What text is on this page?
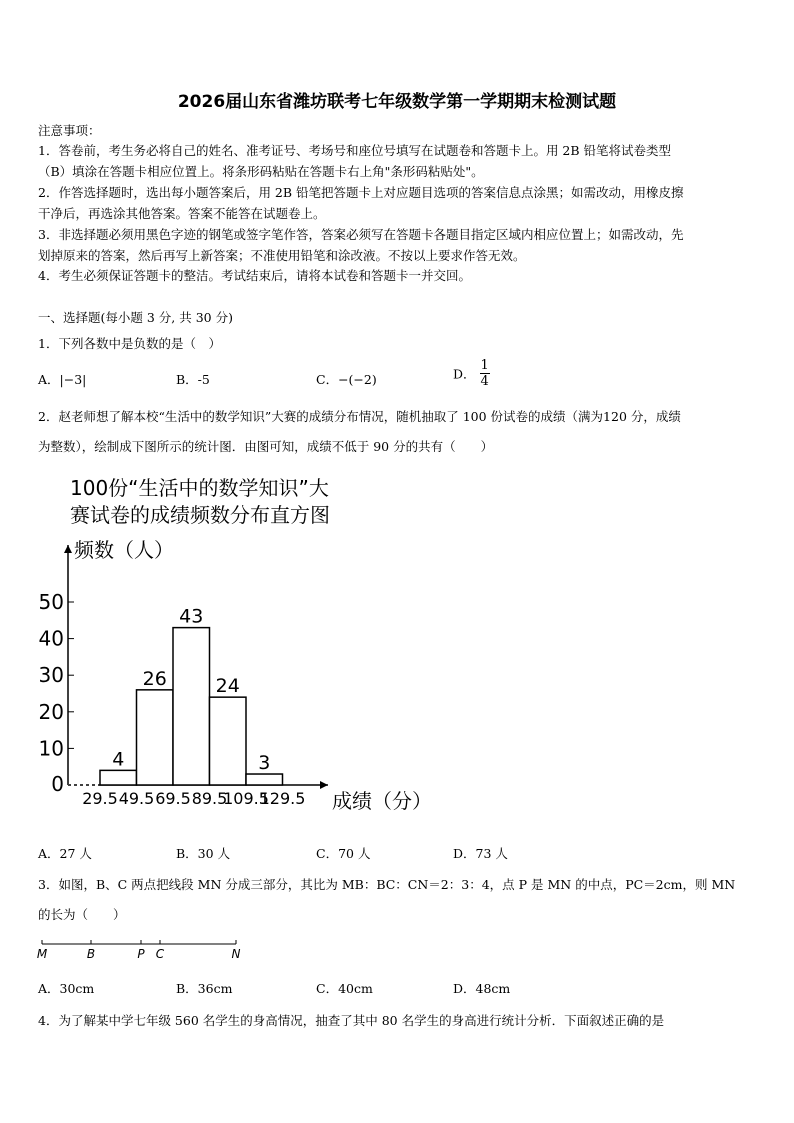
2026届山东省潍坊联考七年级数学第一学期期末检测试题
注意事项：
1．答卷前，考生务必将自己的姓名、准考证号、考场号和座位号填写在试题卷和答题卡上。用 2B 铅笔将试卷类型
（B）填涂在答题卡相应位置上。将条形码粘贴在答题卡右上角"条形码粘贴处"。
2．作答选择题时，选出每小题答案后，用 2B 铅笔把答题卡上对应题目选项的答案信息点涂黑；如需改动，用橡皮擦
干净后，再选涂其他答案。答案不能答在试题卷上。
3．非选择题必须用黑色字迹的钢笔或签字笔作答，答案必须写在答题卡各题目指定区域内相应位置上；如需改动，先
划掉原来的答案，然后再写上新答案；不准使用铅笔和涂改液。不按以上要求作答无效。
4．考生必须保证答题卡的整洁。考试结束后，请将本试卷和答题卡一并交回。
一、选择题(每小题 3 分, 共 30 分)
1．下列各数中是负数的是（　）
A．|−3|	B．-5	C．−(−2)	D． $\frac{1}{4}$
2．赵老师想了解本校“生活中的数学知识”大赛的成绩分布情况，随机抽取了 100 份试卷的成绩（满为120 分，成绩
为整数），绘制成下图所示的统计图．由图可知，成绩不低于 90 分的共有（　　）
100份“生活中的数学知识”大
赛试卷的成绩频数分布直方图
频数（人）
成绩（分）
0
10
20
30
40
50
4
26
43
24
3
29.5 49.5 69.5 89.5
109.5
129.5
A．27 人	B．30 人	C．70 人	D．73 人
3．如图，B、C 两点把线段 MN 分成三部分，其比为 MB：BC：CN＝2：3：4，点 P 是 MN 的中点，PC＝2cm，则 MN
的长为（　　）
M	B	P C	N
A．30cm	B．36cm	C．40cm	D．48cm
4．为了解某中学七年级 560 名学生的身高情况，抽查了其中 80 名学生的身高进行统计分析．下面叙述正确的是
